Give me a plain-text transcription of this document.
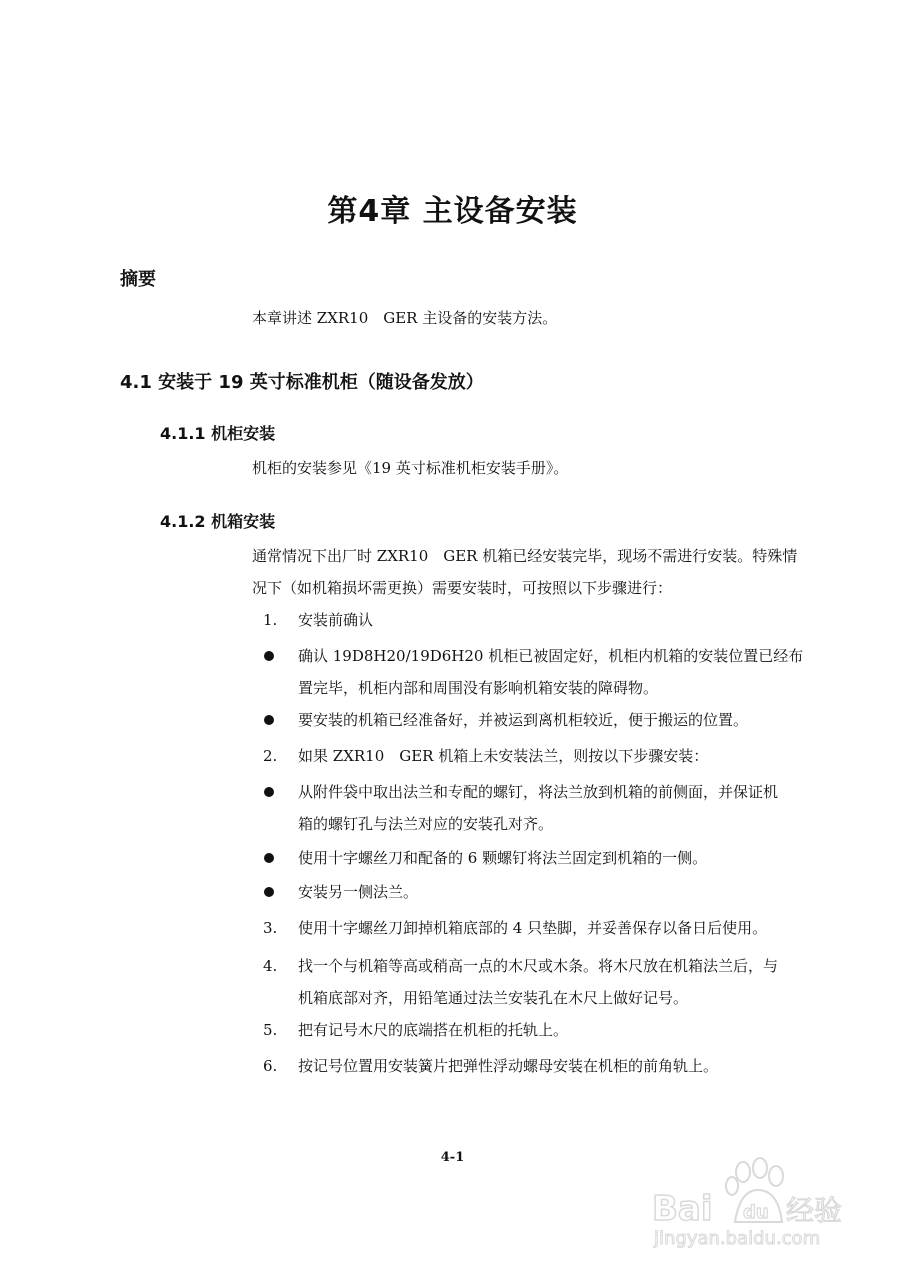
第4章 主设备安装
摘要
本章讲述 ZXR10　GER 主设备的安装方法。
4.1 安装于 19 英寸标准机柜（随设备发放）
4.1.1 机柜安装
机柜的安装参见《19 英寸标准机柜安装手册》。
4.1.2 机箱安装
通常情况下出厂时 ZXR10　GER 机箱已经安装完毕，现场不需进行安装。特殊情
况下（如机箱损坏需更换）需要安装时，可按照以下步骤进行：
1. 安装前确认
确认 19D8H20/19D6H20 机柜已被固定好，机柜内机箱的安装位置已经布
置完毕，机柜内部和周围没有影响机箱安装的障碍物。
要安装的机箱已经准备好，并被运到离机柜较近，便于搬运的位置。
2. 如果 ZXR10　GER 机箱上未安装法兰，则按以下步骤安装：
从附件袋中取出法兰和专配的螺钉，将法兰放到机箱的前侧面，并保证机
箱的螺钉孔与法兰对应的安装孔对齐。
使用十字螺丝刀和配备的 6 颗螺钉将法兰固定到机箱的一侧。
安装另一侧法兰。
3. 使用十字螺丝刀卸掉机箱底部的 4 只垫脚，并妥善保存以备日后使用。
4. 找一个与机箱等高或稍高一点的木尺或木条。将木尺放在机箱法兰后，与
机箱底部对齐，用铅笔通过法兰安装孔在木尺上做好记号。
5. 把有记号木尺的底端搭在机柜的托轨上。
6. 按记号位置用安装簧片把弹性浮动螺母安装在机柜的前角轨上。
4-1
Bai du 经验
jingyan.baidu.com
